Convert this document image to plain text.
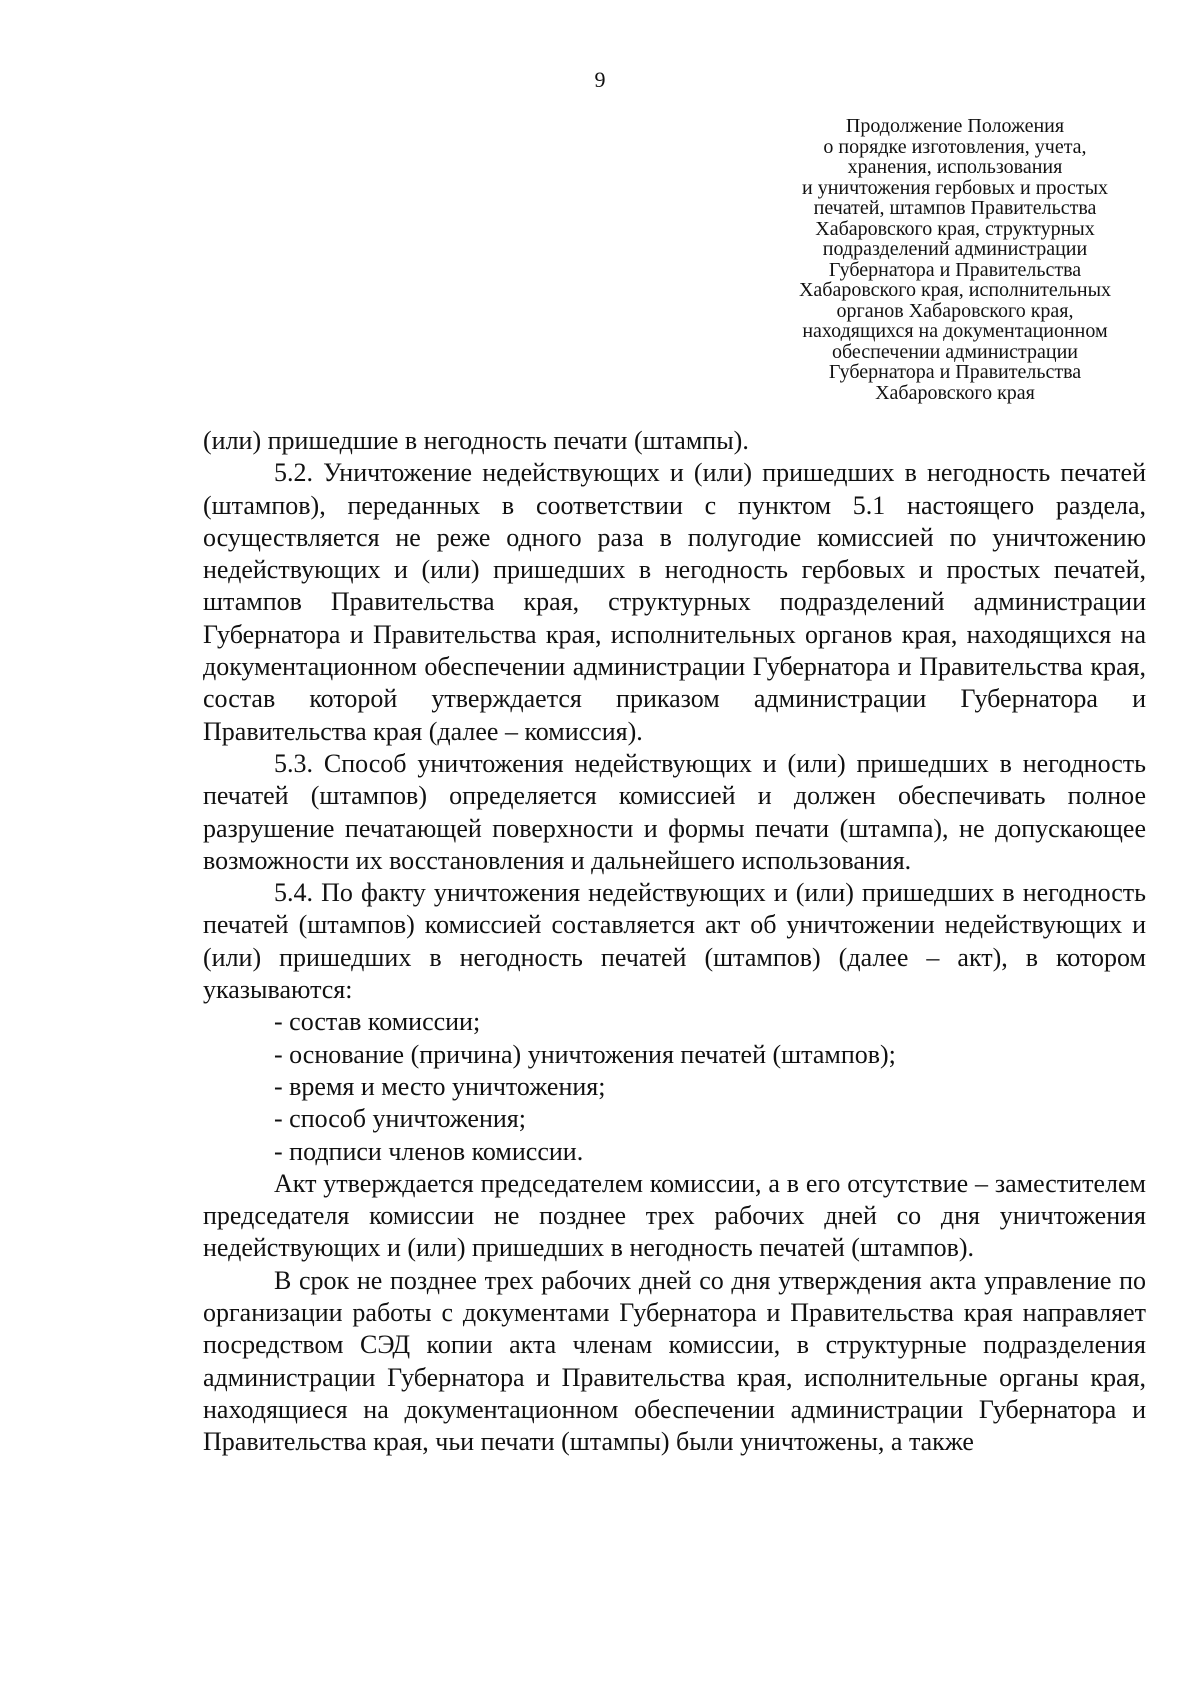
9
Продолжение Положения
о порядке изготовления, учета,
хранения, использования
и уничтожения гербовых и простых
печатей, штампов Правительства
Хабаровского края, структурных
подразделений администрации
Губернатора и Правительства
Хабаровского края, исполнительных
органов Хабаровского края,
находящихся на документационном
обеспечении администрации
Губернатора и Правительства
Хабаровского края

(или) пришедшие в негодность печати (штампы).

5.2. Уничтожение недействующих и (или) пришедших в негодность печатей (штампов), переданных в соответствии с пунктом 5.1 настоящего раздела, осуществляется не реже одного раза в полугодие комиссией по уничтожению недействующих и (или) пришедших в негодность гербовых и простых печатей, штампов Правительства края, структурных подразделений администрации Губернатора и Правительства края, исполнительных органов края, находящихся на документационном обеспечении администрации Губернатора и Правительства края, состав которой утверждается приказом администрации Губернатора и Правительства края (далее – комиссия).

5.3. Способ уничтожения недействующих и (или) пришедших в негодность печатей (штампов) определяется комиссией и должен обеспечивать полное разрушение печатающей поверхности и формы печати (штампа), не допускающее возможности их восстановления и дальнейшего использования.

5.4. По факту уничтожения недействующих и (или) пришедших в негодность печатей (штампов) комиссией составляется акт об уничтожении недействующих и (или) пришедших в негодность печатей (штампов) (далее – акт), в котором указываются:

- состав комиссии;

- основание (причина) уничтожения печатей (штампов);

- время и место уничтожения;

- способ уничтожения;

- подписи членов комиссии.

Акт утверждается председателем комиссии, а в его отсутствие – заместителем председателя комиссии не позднее трех рабочих дней со дня уничтожения недействующих и (или) пришедших в негодность печатей (штампов).

В срок не позднее трех рабочих дней со дня утверждения акта управление по организации работы с документами Губернатора и Правительства края направляет посредством СЭД копии акта членам комиссии, в структурные подразделения администрации Губернатора и Правительства края, исполнительные органы края, находящиеся на документационном обеспечении администрации Губернатора и Правительства края, чьи печати (штампы) были уничтожены, а также
